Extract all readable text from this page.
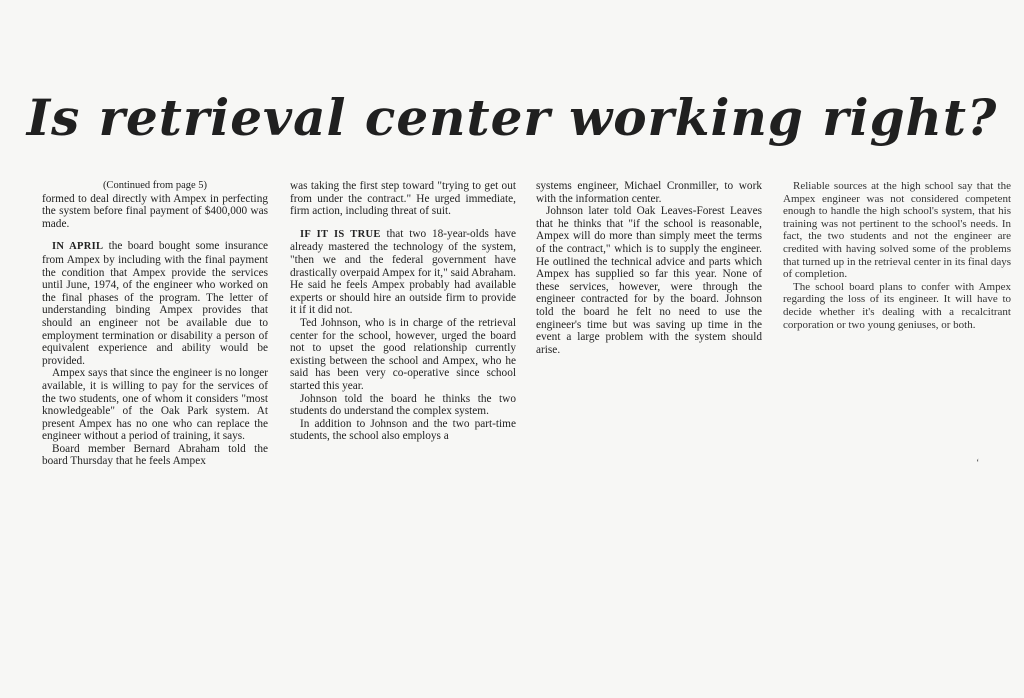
Is retrieval center working right?

(Continued from page 5)

formed to deal directly with Ampex in perfecting the system before final payment of $400,000 was made.

IN APRIL the board bought some insurance from Ampex by including with the final payment the condition that Ampex provide the services until June, 1974, of the engineer who worked on the final phases of the program. The letter of understanding binding Ampex provides that should an engineer not be available due to employment termination or disability a person of equivalent experience and ability would be provided.

Ampex says that since the engineer is no longer available, it is willing to pay for the services of the two students, one of whom it considers "most knowledgeable" of the Oak Park system. At present Ampex has no one who can replace the engineer without a period of training, it says.

Board member Bernard Abraham told the board Thursday that he feels Ampex

was taking the first step toward "trying to get out from under the contract." He urged immediate, firm action, including threat of suit.

IF IT IS TRUE that two 18-year-olds have already mastered the technology of the system, "then we and the federal government have drastically overpaid Ampex for it," said Abraham. He said he feels Ampex probably had available experts or should hire an outside firm to provide it if it did not.

Ted Johnson, who is in charge of the retrieval center for the school, however, urged the board not to upset the good relationship currently existing between the school and Ampex, who he said has been very co-operative since school started this year.

Johnson told the board he thinks the two students do understand the complex system.

In addition to Johnson and the two part-time students, the school also employs a

systems engineer, Michael Cronmiller, to work with the information center.

Johnson later told Oak Leaves-Forest Leaves that he thinks that "if the school is reasonable, Ampex will do more than simply meet the terms of the contract," which is to supply the engineer. He outlined the technical advice and parts which Ampex has supplied so far this year. None of these services, however, were through the engineer contracted for by the board. Johnson told the board he felt no need to use the engineer's time but was saving up time in the event a large problem with the system should arise.

Reliable sources at the high school say that the Ampex engineer was not considered competent enough to handle the high school's system, that his training was not pertinent to the school's needs. In fact, the two students and not the engineer are credited with having solved some of the problems that turned up in the retrieval center in its final days of completion.

The school board plans to confer with Ampex regarding the loss of its engineer. It will have to decide whether it's dealing with a recalcitrant corporation or two young geniuses, or both.

‘
